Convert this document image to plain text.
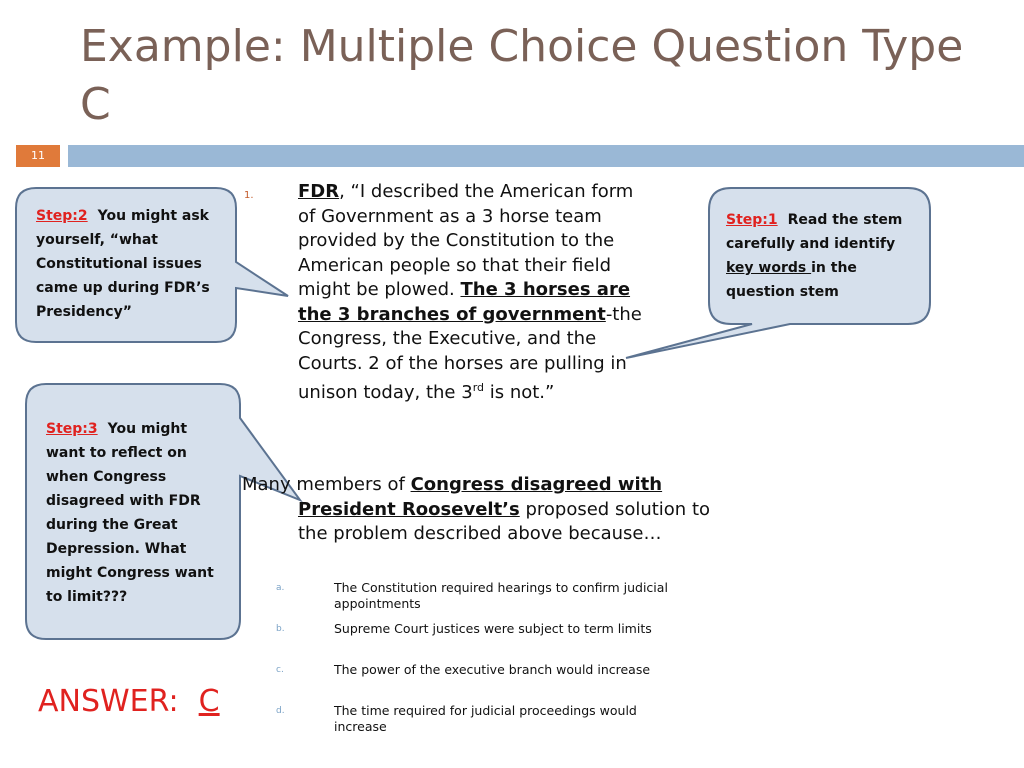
Example: Multiple Choice Question Type C
11
Step:2 You might ask yourself, “what Constitutional issues came up during FDR’s Presidency”
Step:1 Read the stem carefully and identify key words in the question stem
Step:3 You might want to reflect on when Congress disagreed with FDR during the Great Depression. What might Congress want to limit???
1. FDR, “I described the American form of Government as a 3 horse team provided by the Constitution to the American people so that their field might be plowed. The 3 horses are the 3 branches of government-the Congress, the Executive, and the Courts. 2 of the horses are pulling in unison today, the 3rd is not.”
Many members of Congress disagreed with President Roosevelt’s proposed solution to the problem described above because…
a.	The Constitution required hearings to confirm judicial appointments
b.	Supreme Court justices were subject to term limits
c.	The power of the executive branch would increase
d.	The time required for judicial proceedings would increase
ANSWER: C
